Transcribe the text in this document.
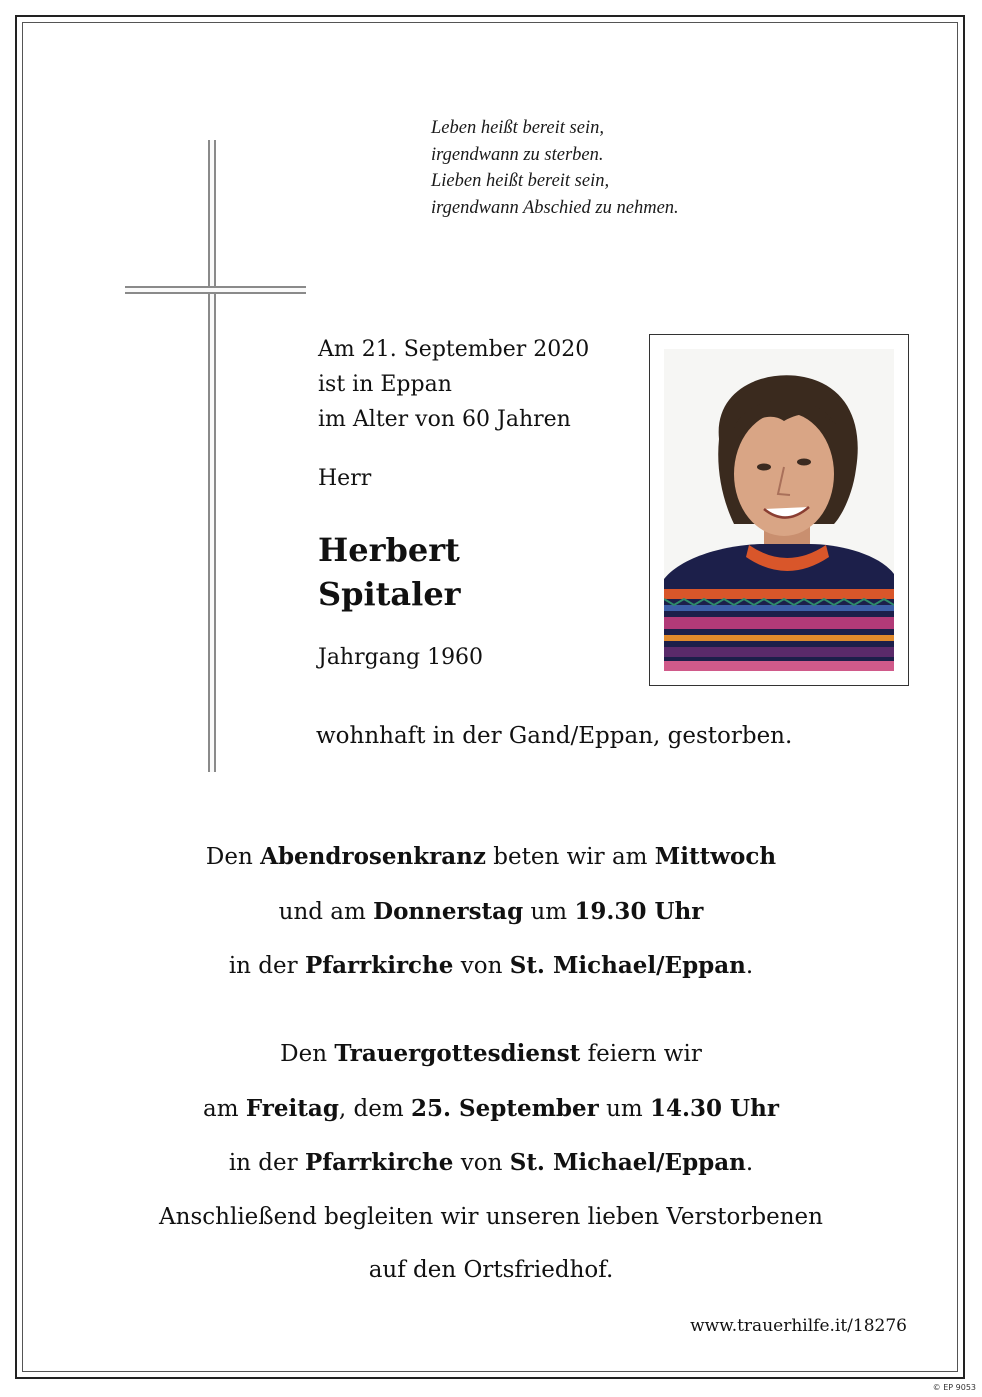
Leben heißt bereit sein,
irgendwann zu sterben.
Lieben heißt bereit sein,
irgendwann Abschied zu nehmen.
Am 21. September 2020
ist in Eppan
im Alter von 60 Jahren
Herr
Herbert
Spitaler
Jahrgang 1960
wohnhaft in der Gand/Eppan, gestorben.
Den Abendrosenkranz beten wir am Mittwoch
und am Donnerstag um 19.30 Uhr
in der Pfarrkirche von St. Michael/Eppan.
Den Trauergottesdienst feiern wir
am Freitag, dem 25. September um 14.30 Uhr
in der Pfarrkirche von St. Michael/Eppan.
Anschließend begleiten wir unseren lieben Verstorbenen
auf den Ortsfriedhof.
www.trauerhilfe.it/18276
© EP 9053
